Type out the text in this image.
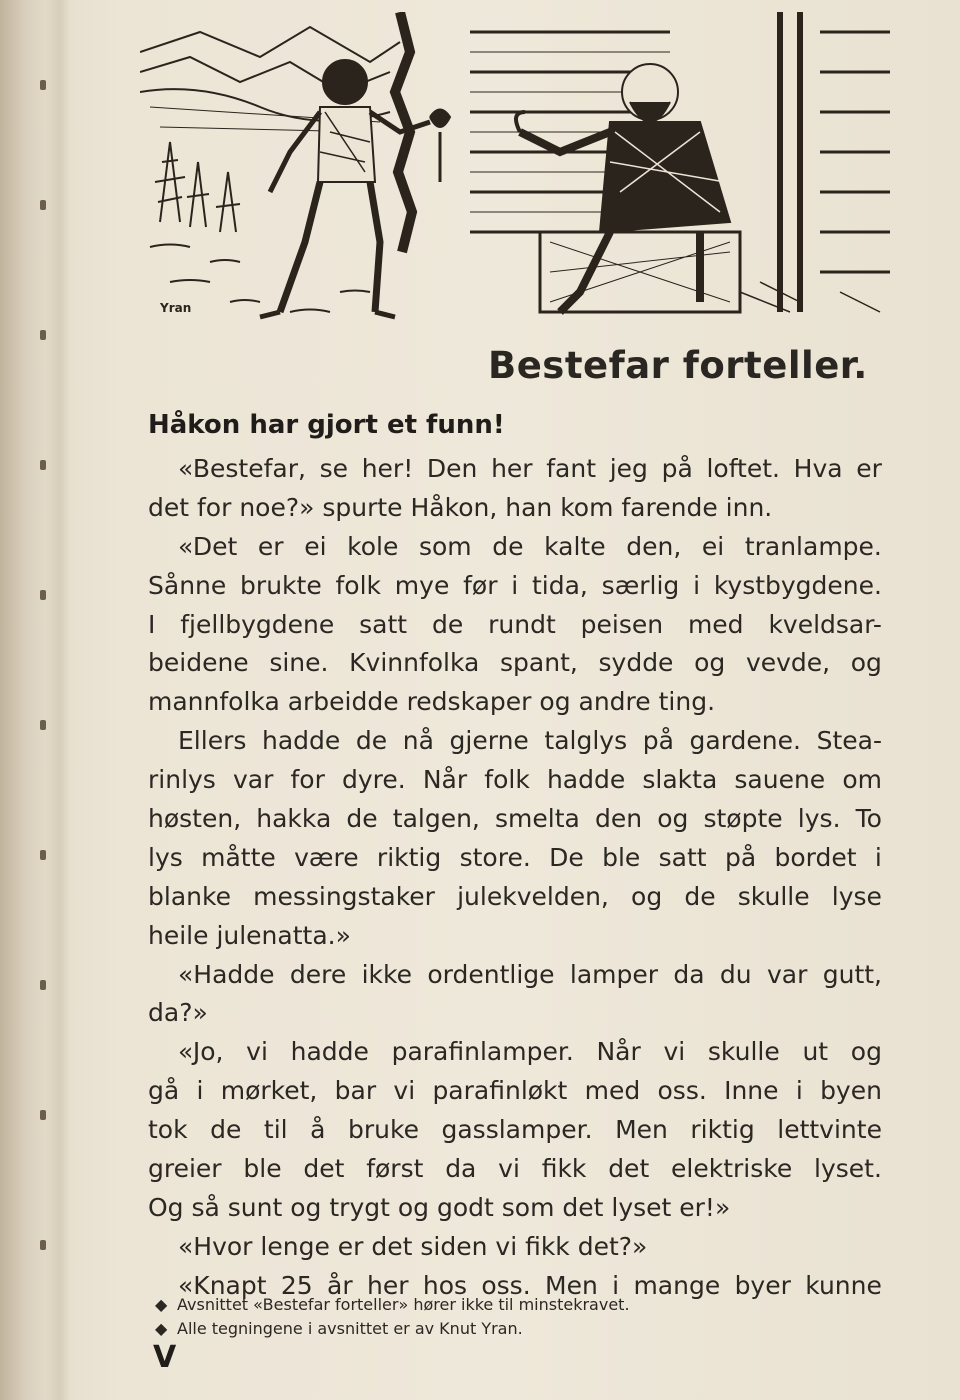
Yran
Bestefar forteller.
Håkon har gjort et funn!
«Bestefar, se her! Den her fant jeg på loftet. Hva er
det for noe?» spurte Håkon, han kom farende inn.
«Det er ei kole som de kalte den, ei tranlampe.
Sånne brukte folk mye før i tida, særlig i kystbygdene.
I fjellbygdene satt de rundt peisen med kveldsar-
beidene sine. Kvinnfolka spant, sydde og vevde, og
mannfolka arbeidde redskaper og andre ting.
Ellers hadde de nå gjerne talglys på gardene. Stea-
rinlys var for dyre. Når folk hadde slakta sauene om
høsten, hakka de talgen, smelta den og støpte lys. To
lys måtte være riktig store. De ble satt på bordet i
blanke messingstaker julekvelden, og de skulle lyse
heile julenatta.»
«Hadde dere ikke ordentlige lamper da du var gutt,
da?»
«Jo, vi hadde parafinlamper. Når vi skulle ut og
gå i mørket, bar vi parafinløkt med oss. Inne i byen
tok de til å bruke gasslamper. Men riktig lettvinte
greier ble det først da vi fikk det elektriske lyset.
Og så sunt og trygt og godt som det lyset er!»
«Hvor lenge er det siden vi fikk det?»
«Knapt 25 år her hos oss. Men i mange byer kunne
◆ Avsnittet «Bestefar forteller» hører ikke til minstekravet.
◆ Alle tegningene i avsnittet er av Knut Yran.
V
